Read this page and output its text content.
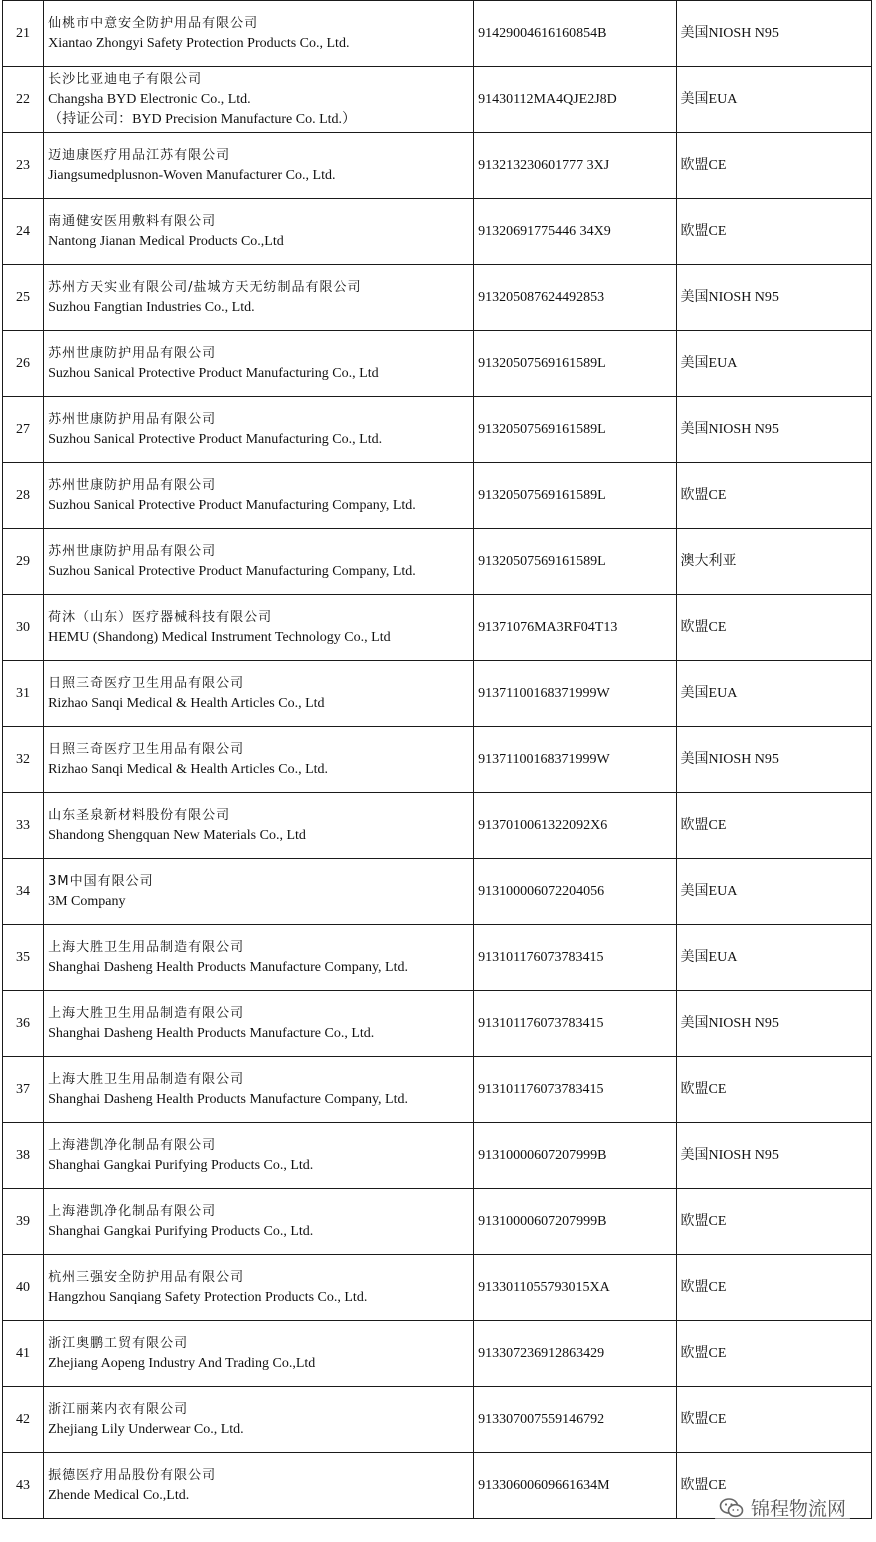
21	仙桃市中意安全防护用品有限公司
Xiantao Zhongyi Safety Protection Products Co., Ltd.	91429004616160854B	美国NIOSH N95
22	长沙比亚迪电子有限公司
Changsha BYD Electronic Co., Ltd.
（持证公司：BYD Precision Manufacture Co. Ltd.）	91430112MA4QJE2J8D	美国EUA
23	迈迪康医疗用品江苏有限公司
Jiangsumedplusnon-Woven Manufacturer Co., Ltd.	913213230601777 3XJ	欧盟CE
24	南通健安医用敷料有限公司
Nantong Jianan Medical Products Co.,Ltd	91320691775446 34X9	欧盟CE
25	苏州方天实业有限公司/盐城方天无纺制品有限公司
Suzhou Fangtian Industries Co., Ltd.	913205087624492853	美国NIOSH N95
26	苏州世康防护用品有限公司
Suzhou Sanical Protective Product Manufacturing Co., Ltd	91320507569161589L	美国EUA
27	苏州世康防护用品有限公司
Suzhou Sanical Protective Product Manufacturing Co., Ltd.	91320507569161589L	美国NIOSH N95
28	苏州世康防护用品有限公司
Suzhou Sanical Protective Product Manufacturing Company, Ltd.	91320507569161589L	欧盟CE
29	苏州世康防护用品有限公司
Suzhou Sanical Protective Product Manufacturing Company, Ltd.	91320507569161589L	澳大利亚
30	荷沐（山东）医疗器械科技有限公司
HEMU (Shandong) Medical Instrument Technology Co., Ltd	91371076MA3RF04T13	欧盟CE
31	日照三奇医疗卫生用品有限公司
Rizhao Sanqi Medical & Health Articles Co., Ltd	91371100168371999W	美国EUA
32	日照三奇医疗卫生用品有限公司
Rizhao Sanqi Medical & Health Articles Co., Ltd.	91371100168371999W	美国NIOSH N95
33	山东圣泉新材料股份有限公司
Shandong Shengquan New Materials Co., Ltd	9137010061322092X6	欧盟CE
34	3M中国有限公司
3M Company	913100006072204056	美国EUA
35	上海大胜卫生用品制造有限公司
Shanghai Dasheng Health Products Manufacture Company, Ltd.	913101176073783415	美国EUA
36	上海大胜卫生用品制造有限公司
Shanghai Dasheng Health Products Manufacture Co., Ltd.	913101176073783415	美国NIOSH N95
37	上海大胜卫生用品制造有限公司
Shanghai Dasheng Health Products Manufacture Company, Ltd.	913101176073783415	欧盟CE
38	上海港凯净化制品有限公司
Shanghai Gangkai Purifying Products Co., Ltd.	91310000607207999B	美国NIOSH N95
39	上海港凯净化制品有限公司
Shanghai Gangkai Purifying Products Co., Ltd.	91310000607207999B	欧盟CE
40	杭州三强安全防护用品有限公司
Hangzhou Sanqiang Safety Protection Products Co., Ltd.	9133011055793015XA	欧盟CE
41	浙江奥鹏工贸有限公司
Zhejiang Aopeng Industry And Trading Co.,Ltd	913307236912863429	欧盟CE
42	浙江丽莱内衣有限公司
Zhejiang Lily Underwear Co., Ltd.	913307007559146792	欧盟CE
43	振德医疗用品股份有限公司
Zhende Medical Co.,Ltd.	91330600609661634M	欧盟CE
锦程物流网
